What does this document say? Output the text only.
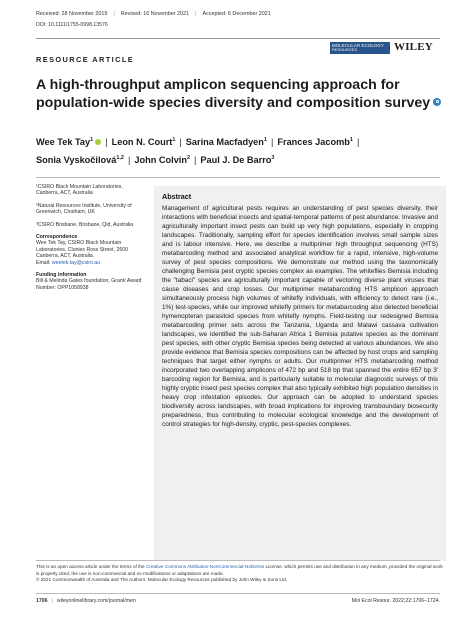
Received: 28 November 2019 | Revised: 16 November 2021 | Accepted: 6 December 2021
DOI: 10.1111/1755-0998.13576
MOLECULAR ECOLOGY
RESOURCES	WILEY
RESOURCE ARTICLE
A high-throughput amplicon sequencing approach for population-wide species diversity and composition survey
Wee Tek Tay$^1$ | Leon N. Court$^1$ | Sarina Macfadyen$^1$ | Frances Jacomb$^1$ |
Sonia Vyskočilová$^{1,2}$ | John Colvin$^2$ | Paul J. De Barro$^3$
¹CSIRO Black Mountain Laboratories, Canberra, ACT, Australia
²Natural Resources Institute, University of Greenwich, Chatham, UK
³CSIRO Brisbane, Brisbane, Qld, Australia
Correspondence
Wee Tek Tay, CSIRO Black Mountain Laboratories, Clunies Ross Street, 2600 Canberra, ACT, Australia.
Email: weetek.tay@csiro.au
Funding information
Bill & Melinda Gates foundation, Grant/ Award Number: OPP1058938
Abstract

Management of agricultural pests requires an understanding of pest species diversity, their interactions with beneficial insects and spatial-temporal patterns of pest abundance. Invasive and agriculturally important insect pests can build up very high populations, especially in cropping landscapes. Traditionally, sampling effort for species identification involves small sample sizes and is labour intensive. Here, we describe a multiprimer high throughput sequencing (HTS) metabarcoding method and associated analytical workflow for a rapid, intensive, high-volume survey of pest species compositions. We demonstrate our method using the taxonomically challenging Bemisia pest cryptic species complex as examples. The whiteflies Bemisia including the "tabaci" species are agriculturally important capable of vectoring diverse plant viruses that cause diseases and crop losses. Our multiprimer metabarcoding HTS amplicon approach simultaneously process high volumes of whitefly individuals, with efficiency to detect rare (i.e., 1%) test-species, while our improved whitefly primers for metabarcoding also detected beneficial hymenopteran parasitoid species from whitefly nymphs. Field-testing our redesigned Bemisia metabarcoding primer sets across the Tanzania, Uganda and Malawi cassava cultivation landscapes, we identified the sub-Saharan Africa 1 Bemisia putative species as the dominant pest species, with other cryptic Bemisia species being detected at various abundances. We also provide evidence that Bemisia species compositions can be affected by host crops and sampling techniques that target either nymphs or adults. Our multiprimer HTS metabarcoding method incorporated two overlapping amplicons of 472 bp and 518 bp that spanned the entire 657 bp 3' barcoding region for Bemisia, and is particularly suitable to molecular diagnostic surveys of this highly cryptic insect pest species complex that also typically exhibited high population densities in heavy crop infestation episodes. Our approach can be adopted to understand species biodiversity across landscapes, with broad implications for improving transboundary biosecurity preparedness, thus contributing to molecular ecological knowledge and the development of control strategies for high-density, cryptic, pest-species complexes.

This is an open access article under the terms of the Creative Commons Attribution-NonCommercial-NoDerivs License, which permits use and distribution in any medium, provided the original work is properly cited, the use is non-commercial and no modifications or adaptations are made.
© 2021 Commonwealth of Australia and The Authors. Molecular Ecology Resources published by John Wiley & Sons Ltd.
1706 | wileyonlinelibrary.com/journal/men	Mol Ecol Resour. 2022;22:1706–1724.
